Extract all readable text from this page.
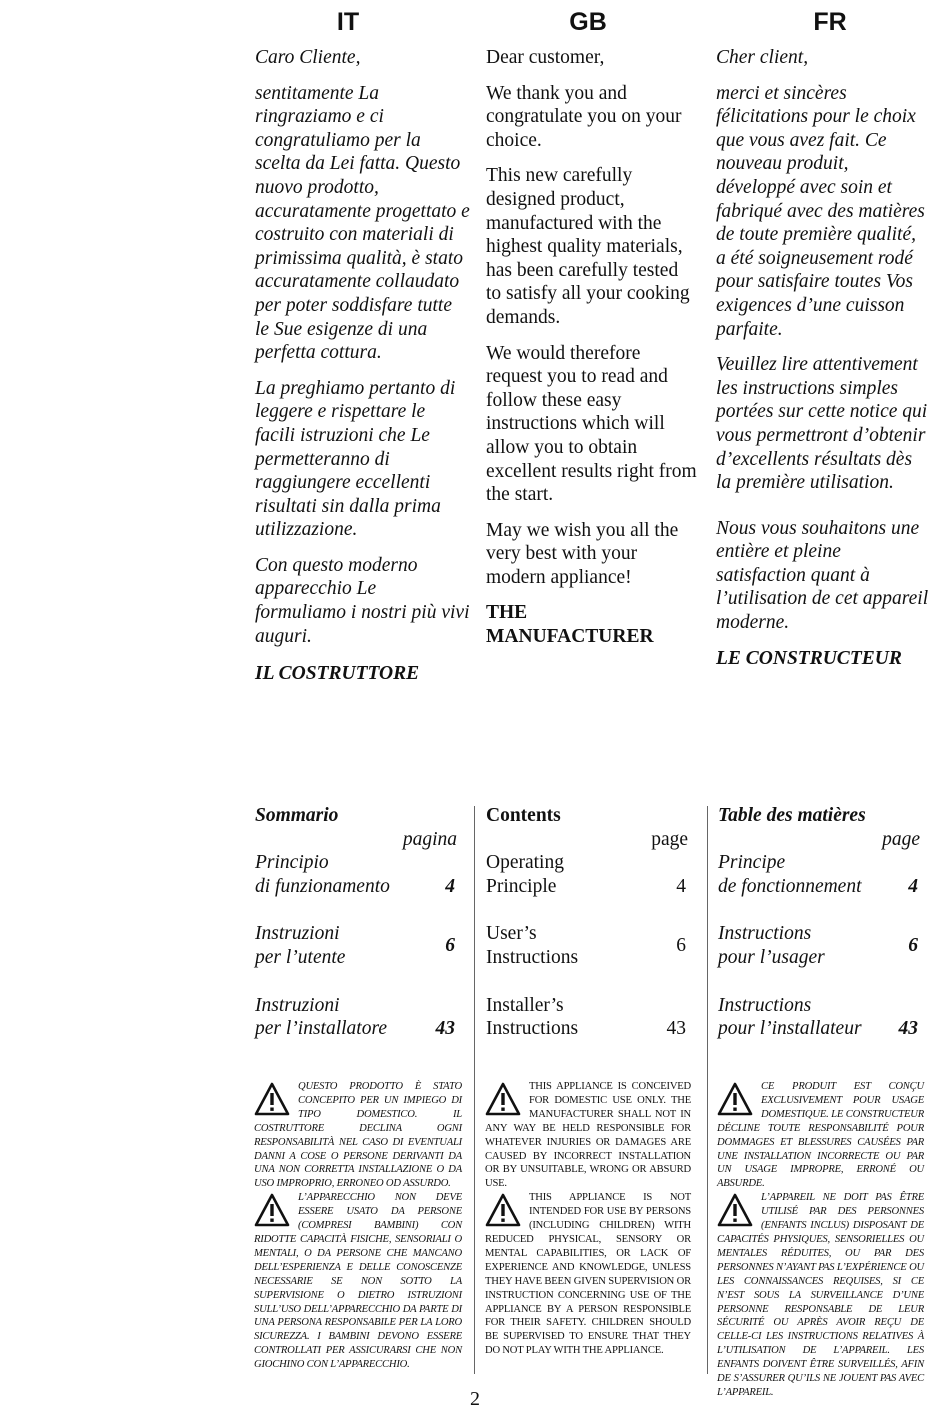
IT	GB	FR

Caro Cliente,

sentitamente La ringraziamo e ci congratuliamo per la scelta da Lei fatta. Questo nuovo prodotto, accuratamente progettato e costruito con materiali di primissima qualità, è stato accuratamente collaudato per poter soddisfare tutte le Sue esigenze di una perfetta cottura.

La preghiamo pertanto di leggere e rispettare le facili istruzioni che Le permetteranno di raggiungere eccellenti risultati sin dalla prima utilizzazione.

Con questo moderno apparecchio Le formuliamo i nostri più vivi auguri.

IL COSTRUTTORE

Dear customer,

We thank you and congratulate you on your choice.

This new carefully designed product, manufactured with the highest quality materials, has been carefully tested to satisfy all your cooking demands.

We would therefore request you to read and follow these easy instructions which will allow you to obtain excellent results right from the start.

May we wish you all the very best with your modern appliance!

THE MANUFACTURER

Cher client,

merci et sincères félicitations pour le choix que vous avez fait. Ce nouveau produit, développé avec soin et fabriqué avec des matières de toute première qualité, a été soigneusement rodé pour satisfaire toutes Vos exigences d’une cuisson parfaite.

Veuillez lire attentivement les instructions simples portées sur cette notice qui vous permettront d’obtenir d’excellents résultats dès la première utilisation.

Nous vous souhaitons une entière et pleine satisfaction quant à l’utilisation de cet appareil moderne.

LE CONSTRUCTEUR
Sommario
pagina
Principio
di funzionamento	4
Instruzioni
per l’utente
6
Instruzioni
per l’installatore	43
Contents
page
Operating
Principle	4
User’s
Instructions
6
Installer’s
Instructions	43
Table des matières
page
Principe
de fonctionnement	4
Instructions
pour l’usager
6
Instructions
pour l’installateur	43
QUESTO PRODOTTO È STATO CONCEPITO PER UN IMPIEGO DI TIPO DOMESTICO. IL COSTRUTTORE DECLINA OGNI RESPONSABILITÀ NEL CASO DI EVENTUALI DANNI A COSE O PERSONE DERIVANTI DA UNA NON CORRETTA INSTALLAZIONE O DA USO IMPROPRIO, ERRONEO OD ASSURDO.
L’APPARECCHIO NON DEVE ESSERE USATO DA PERSONE (COMPRESI BAMBINI) CON RIDOTTE CAPACITÀ FISICHE, SENSORIALI O MENTALI, O DA PERSONE CHE MANCANO DELL’ESPERIENZA E DELLE CONOSCENZE NECESSARIE SE NON SOTTO LA SUPERVISIONE O DIETRO ISTRUZIONI SULL’USO DELL’APPARECCHIO DA PARTE DI UNA PERSONA RESPONSABILE PER LA LORO SICUREZZA. I BAMBINI DEVONO ESSERE CONTROLLATI PER ASSICURARSI CHE NON GIOCHINO CON L’APPARECCHIO.
THIS APPLIANCE IS CONCEIVED FOR DOMESTIC USE ONLY. THE MANUFACTURER SHALL NOT IN ANY WAY BE HELD RESPONSIBLE FOR WHATEVER INJURIES OR DAMAGES ARE CAUSED BY INCORRECT INSTALLATION OR BY UNSUITABLE, WRONG OR ABSURD USE.
THIS APPLIANCE IS NOT INTENDED FOR USE BY PERSONS (INCLUDING CHILDREN) WITH REDUCED PHYSICAL, SENSORY OR MENTAL CAPABILITIES, OR LACK OF EXPERIENCE AND KNOWLEDGE, UNLESS THEY HAVE BEEN GIVEN SUPERVISION OR INSTRUCTION CONCERNING USE OF THE APPLIANCE BY A PERSON RESPONSIBLE FOR THEIR SAFETY. CHILDREN SHOULD BE SUPERVISED TO ENSURE THAT THEY DO NOT PLAY WITH THE APPLIANCE.
CE PRODUIT EST CONÇU EXCLUSIVEMENT POUR USAGE DOMESTIQUE. LE CONSTRUCTEUR DÉCLINE TOUTE RESPONSABILITÉ POUR DOMMAGES ET BLESSURES CAUSÉES PAR UNE INSTALLATION INCORRECTE OU PAR UN USAGE IMPROPRE, ERRONÉ OU ABSURDE.
L’APPAREIL NE DOIT PAS ÊTRE UTILISÉ PAR DES PERSONNES (ENFANTS INCLUS) DISPOSANT DE CAPACITÉS PHYSIQUES, SENSORIELLES OU MENTALES RÉDUITES, OU PAR DES PERSONNES N’AYANT PAS L’EXPÉRIENCE OU LES CONNAISSANCES REQUISES, SI CE N’EST SOUS LA SURVEILLANCE D’UNE PERSONNE RESPONSABLE DE LEUR SÉCURITÉ OU APRÈS AVOIR REÇU DE CELLE-CI LES INSTRUCTIONS RELATIVES À L’UTILISATION DE L’APPAREIL. LES ENFANTS DOIVENT ÊTRE SURVEILLÉS, AFIN DE S’ASSURER QU’ILS NE JOUENT PAS AVEC L’APPAREIL.
2
